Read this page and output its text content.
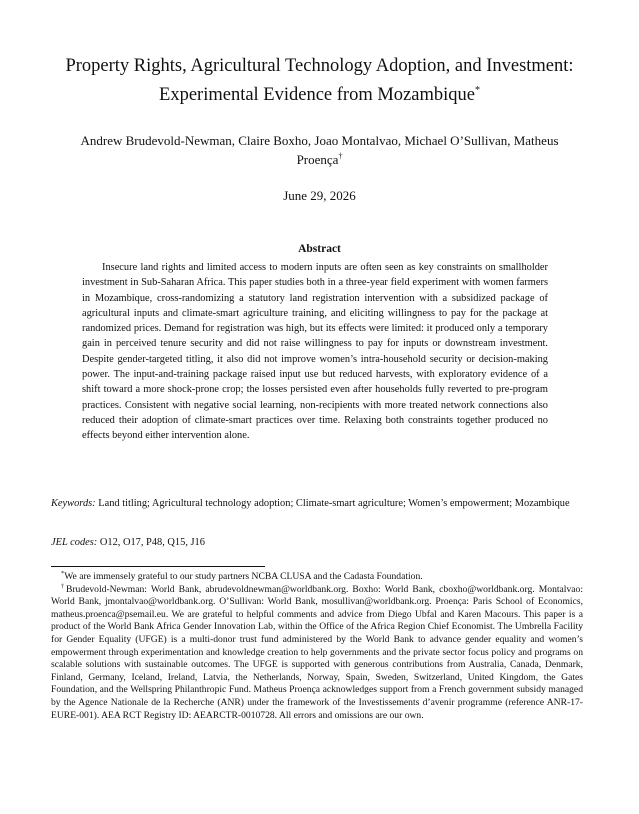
Property Rights, Agricultural Technology Adoption, and Investment: Experimental Evidence from Mozambique*
Andrew Brudevold-Newman, Claire Boxho, Joao Montalvao, Michael O’Sullivan, Matheus Proença†
June 29, 2026
Abstract

Insecure land rights and limited access to modern inputs are often seen as key constraints on smallholder investment in Sub-Saharan Africa. This paper studies both in a three-year field experiment with women farmers in Mozambique, cross-randomizing a statutory land registration intervention with a subsidized package of agricultural inputs and climate-smart agriculture training, and eliciting willingness to pay for the package at randomized prices. Demand for registration was high, but its effects were limited: it produced only a temporary gain in perceived tenure security and did not raise willingness to pay for inputs or downstream investment. Despite gender-targeted titling, it also did not improve women’s intra-household security or decision-making power. The input-and-training package raised input use but reduced harvests, with exploratory evidence of a shift toward a more shock-prone crop; the losses persisted even after households fully reverted to pre-program practices. Consistent with negative social learning, non-recipients with more treated network connections also reduced their adoption of climate-smart practices over time. Relaxing both constraints together produced no effects beyond either intervention alone.

Keywords: Land titling; Agricultural technology adoption; Climate-smart agriculture; Women’s empowerment; Mozambique

JEL codes: O12, O17, P48, Q15, J16

*We are immensely grateful to our study partners NCBA CLUSA and the Cadasta Foundation.

†Brudevold-Newman: World Bank, abrudevoldnewman@worldbank.org. Boxho: World Bank, cboxho@worldbank.org. Montalvao: World Bank, jmontalvao@worldbank.org. O’Sullivan: World Bank, mosullivan@worldbank.org. Proença: Paris School of Economics, matheus.proenca@psemail.eu. We are grateful to helpful comments and advice from Diego Ubfal and Karen Macours. This paper is a product of the World Bank Africa Gender Innovation Lab, within the Office of the Africa Region Chief Economist. The Umbrella Facility for Gender Equality (UFGE) is a multi-donor trust fund administered by the World Bank to advance gender equality and women’s empowerment through experimentation and knowledge creation to help governments and the private sector focus policy and programs on scalable solutions with sustainable outcomes. The UFGE is supported with generous contributions from Australia, Canada, Denmark, Finland, Germany, Iceland, Ireland, Latvia, the Netherlands, Norway, Spain, Sweden, Switzerland, United Kingdom, the Gates Foundation, and the Wellspring Philanthropic Fund. Matheus Proença acknowledges support from a French government subsidy managed by the Agence Nationale de la Recherche (ANR) under the framework of the Investissements d’avenir programme (reference ANR-17-EURE-001). AEA RCT Registry ID: AEARCTR-0010728. All errors and omissions are our own.
